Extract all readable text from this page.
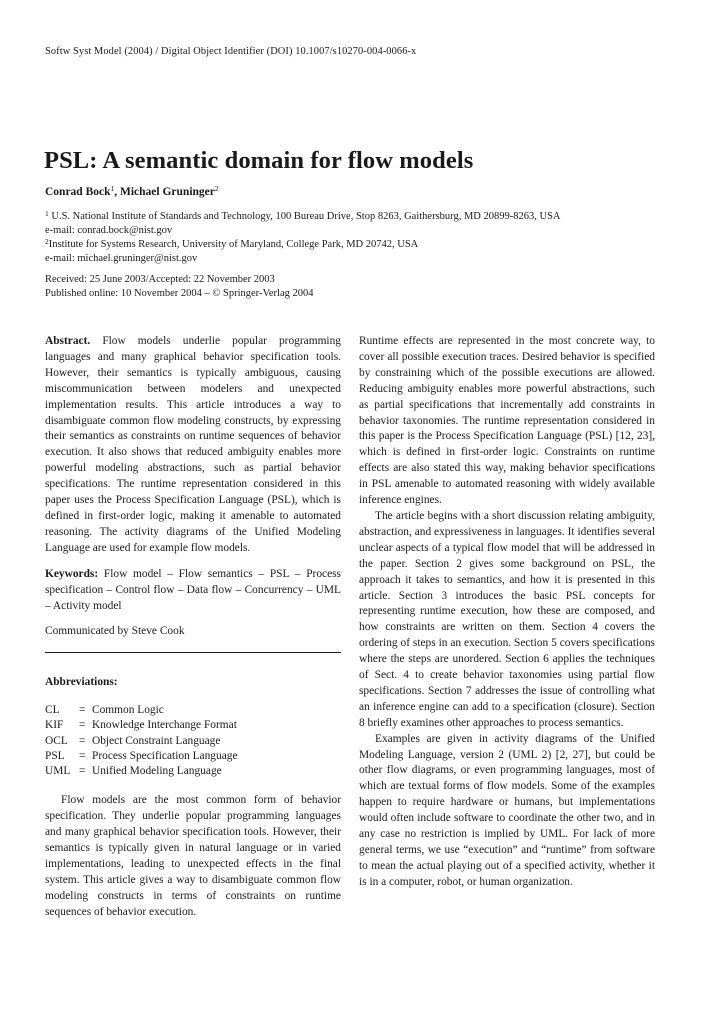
Softw Syst Model (2004) / Digital Object Identifier (DOI) 10.1007/s10270-004-0066-x
PSL: A semantic domain for flow models
Conrad Bock$^1$, Michael Gruninger$^2$
$^1$ U.S. National Institute of Standards and Technology, 100 Bureau Drive, Stop 8263, Gaithersburg, MD 20899-8263, USA
e-mail: conrad.bock@nist.gov
$^2$Institute for Systems Research, University of Maryland, College Park, MD 20742, USA
e-mail: michael.gruninger@nist.gov
Received: 25 June 2003/Accepted: 22 November 2003
Published online: 10 November 2004 – © Springer-Verlag 2004

Abstract. Flow models underlie popular programming languages and many graphical behavior specification tools. However, their semantics is typically ambiguous, causing miscommunication between modelers and unexpected implementation results. This article introduces a way to disambiguate common flow modeling constructs, by expressing their semantics as constraints on runtime sequences of behavior execution. It also shows that reduced ambiguity enables more powerful modeling abstractions, such as partial behavior specifications. The runtime representation considered in this paper uses the Process Specification Language (PSL), which is defined in first-order logic, making it amenable to automated reasoning. The activity diagrams of the Unified Modeling Language are used for example flow models.

Keywords: Flow model – Flow semantics – PSL – Process specification – Control flow – Data flow – Concurrency – UML – Activity model

Communicated by Steve Cook

Abbreviations:

CL	= Common Logic
KIF	= Knowledge Interchange Format
OCL = Object Constraint Language
PSL	= Process Specification Language
UML = Unified Modeling Language

Flow models are the most common form of behavior specification. They underlie popular programming languages and many graphical behavior specification tools. However, their semantics is typically given in natural language or in varied implementations, leading to unexpected effects in the final system. This article gives a way to disambiguate common flow modeling constructs in terms of constraints on runtime sequences of behavior execution.

Runtime effects are represented in the most concrete way, to cover all possible execution traces. Desired behavior is specified by constraining which of the possible executions are allowed. Reducing ambiguity enables more powerful abstractions, such as partial specifications that incrementally add constraints in behavior taxonomies. The runtime representation considered in this paper is the Process Specification Language (PSL) [12, 23], which is defined in first-order logic. Constraints on runtime effects are also stated this way, making behavior specifications in PSL amenable to automated reasoning with widely available inference engines.

The article begins with a short discussion relating ambiguity, abstraction, and expressiveness in languages. It identifies several unclear aspects of a typical flow model that will be addressed in the paper. Section 2 gives some background on PSL, the approach it takes to semantics, and how it is presented in this article. Section 3 introduces the basic PSL concepts for representing runtime execution, how these are composed, and how constraints are written on them. Section 4 covers the ordering of steps in an execution. Section 5 covers specifications where the steps are unordered. Section 6 applies the techniques of Sect. 4 to create behavior taxonomies using partial flow specifications. Section 7 addresses the issue of controlling what an inference engine can add to a specification (closure). Section 8 briefly examines other approaches to process semantics.

Examples are given in activity diagrams of the Unified Modeling Language, version 2 (UML 2) [2, 27], but could be other flow diagrams, or even programming languages, most of which are textual forms of flow models. Some of the examples happen to require hardware or humans, but implementations would often include software to coordinate the other two, and in any case no restriction is implied by UML. For lack of more general terms, we use “execution” and “runtime” from software to mean the actual playing out of a specified activity, whether it is in a computer, robot, or human organization.
